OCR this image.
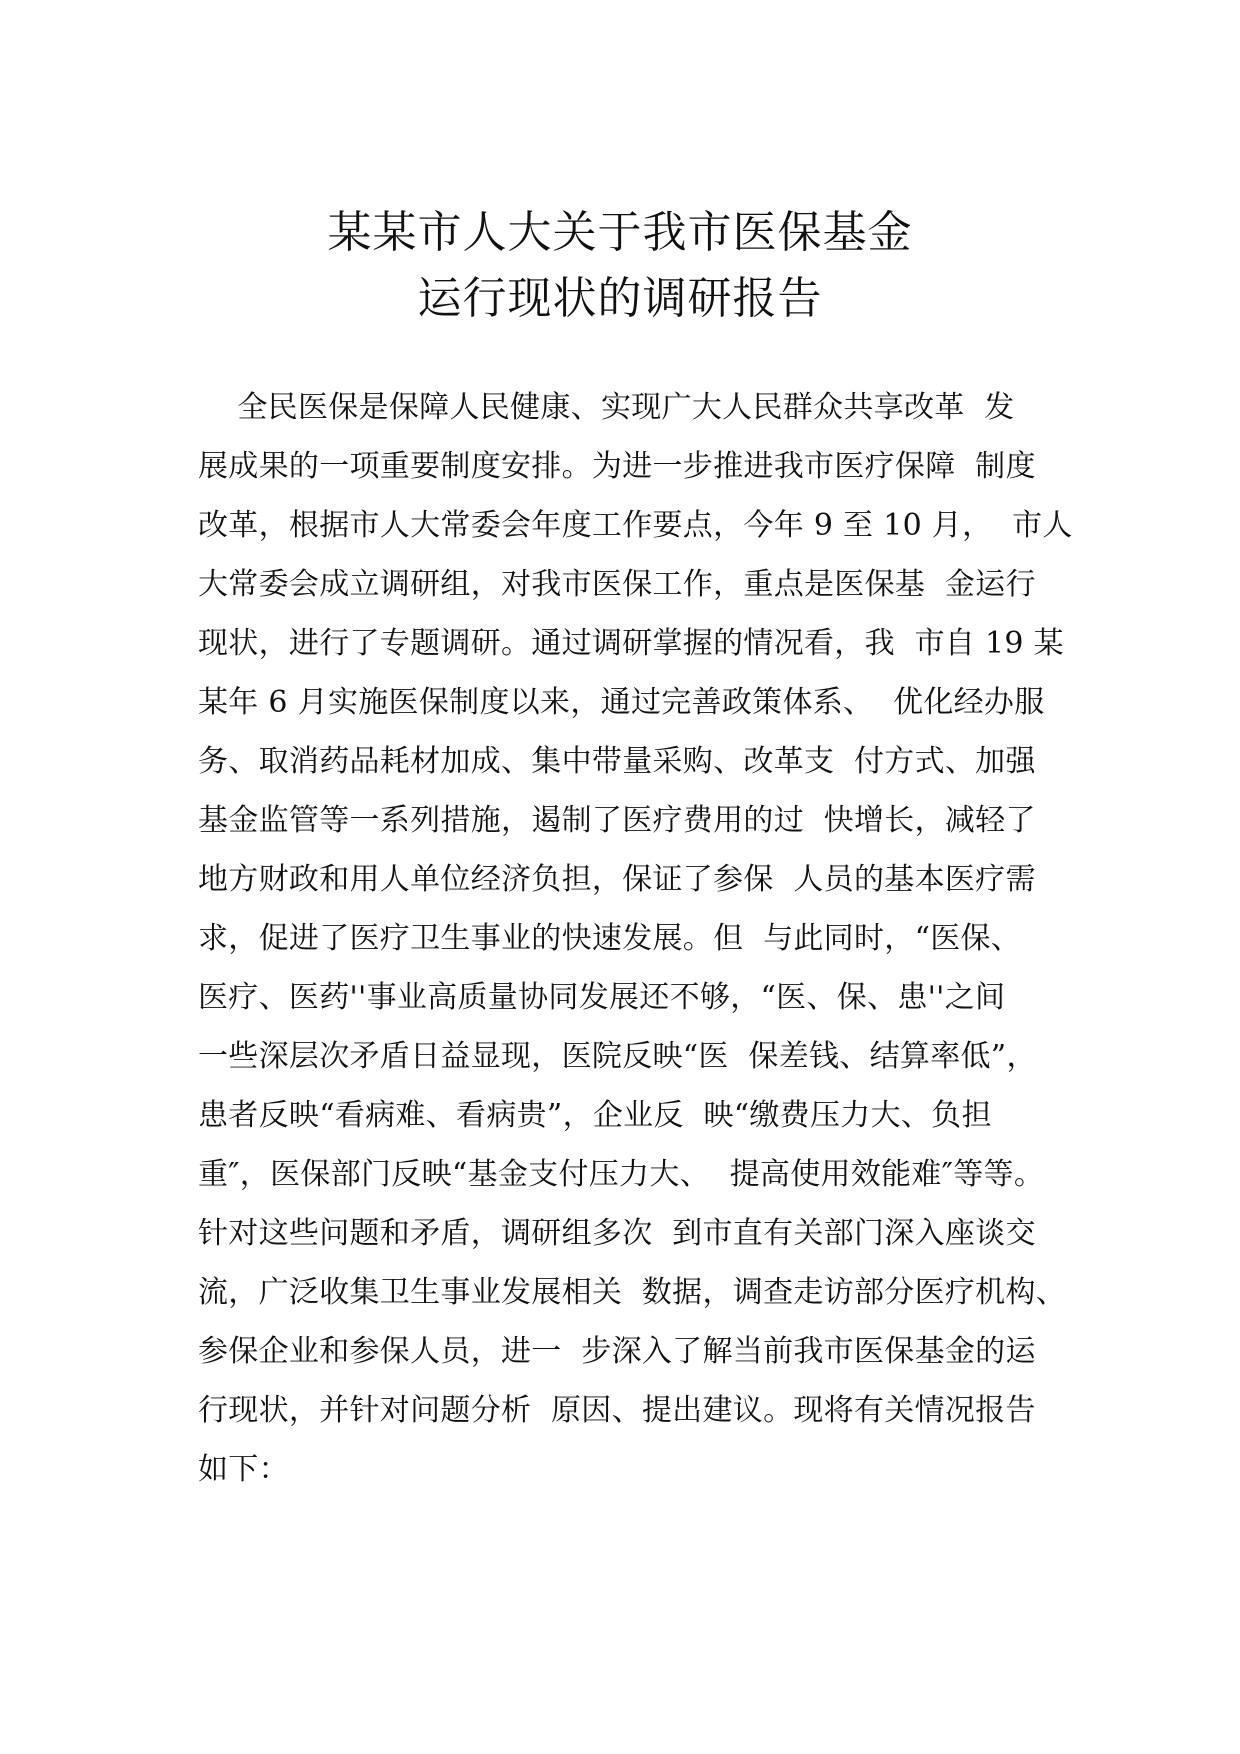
某某市人大关于我市医保基金
运行现状的调研报告
全民医保是保障人民健康、实现广大人民群众共享改革  发
展成果的一项重要制度安排。为进一步推进我市医疗保障  制度
改革，根据市人大常委会年度工作要点，今年 9 至 10 月，  市人
大常委会成立调研组，对我市医保工作，重点是医保基  金运行
现状，进行了专题调研。通过调研掌握的情况看，我  市自 19 某
某年 6 月实施医保制度以来，通过完善政策体系、  优化经办服
务、取消药品耗材加成、集中带量采购、改革支  付方式、加强
基金监管等一系列措施，遏制了医疗费用的过  快增长，减轻了
地方财政和用人单位经济负担，保证了参保  人员的基本医疗需
求，促进了医疗卫生事业的快速发展。但  与此同时，“医保、
医疗、医药''事业高质量协同发展还不够，“医、保、患''之间
一些深层次矛盾日益显现，医院反映“医  保差钱、结算率低”，
患者反映“看病难、看病贵”，企业反  映“缴费压力大、负担
重″，医保部门反映“基金支付压力大、  提高使用效能难″等等。
针对这些问题和矛盾，调研组多次  到市直有关部门深入座谈交
流，广泛收集卫生事业发展相关  数据，调查走访部分医疗机构、
参保企业和参保人员，进一  步深入了解当前我市医保基金的运
行现状，并针对问题分析  原因、提出建议。现将有关情况报告
如下：
